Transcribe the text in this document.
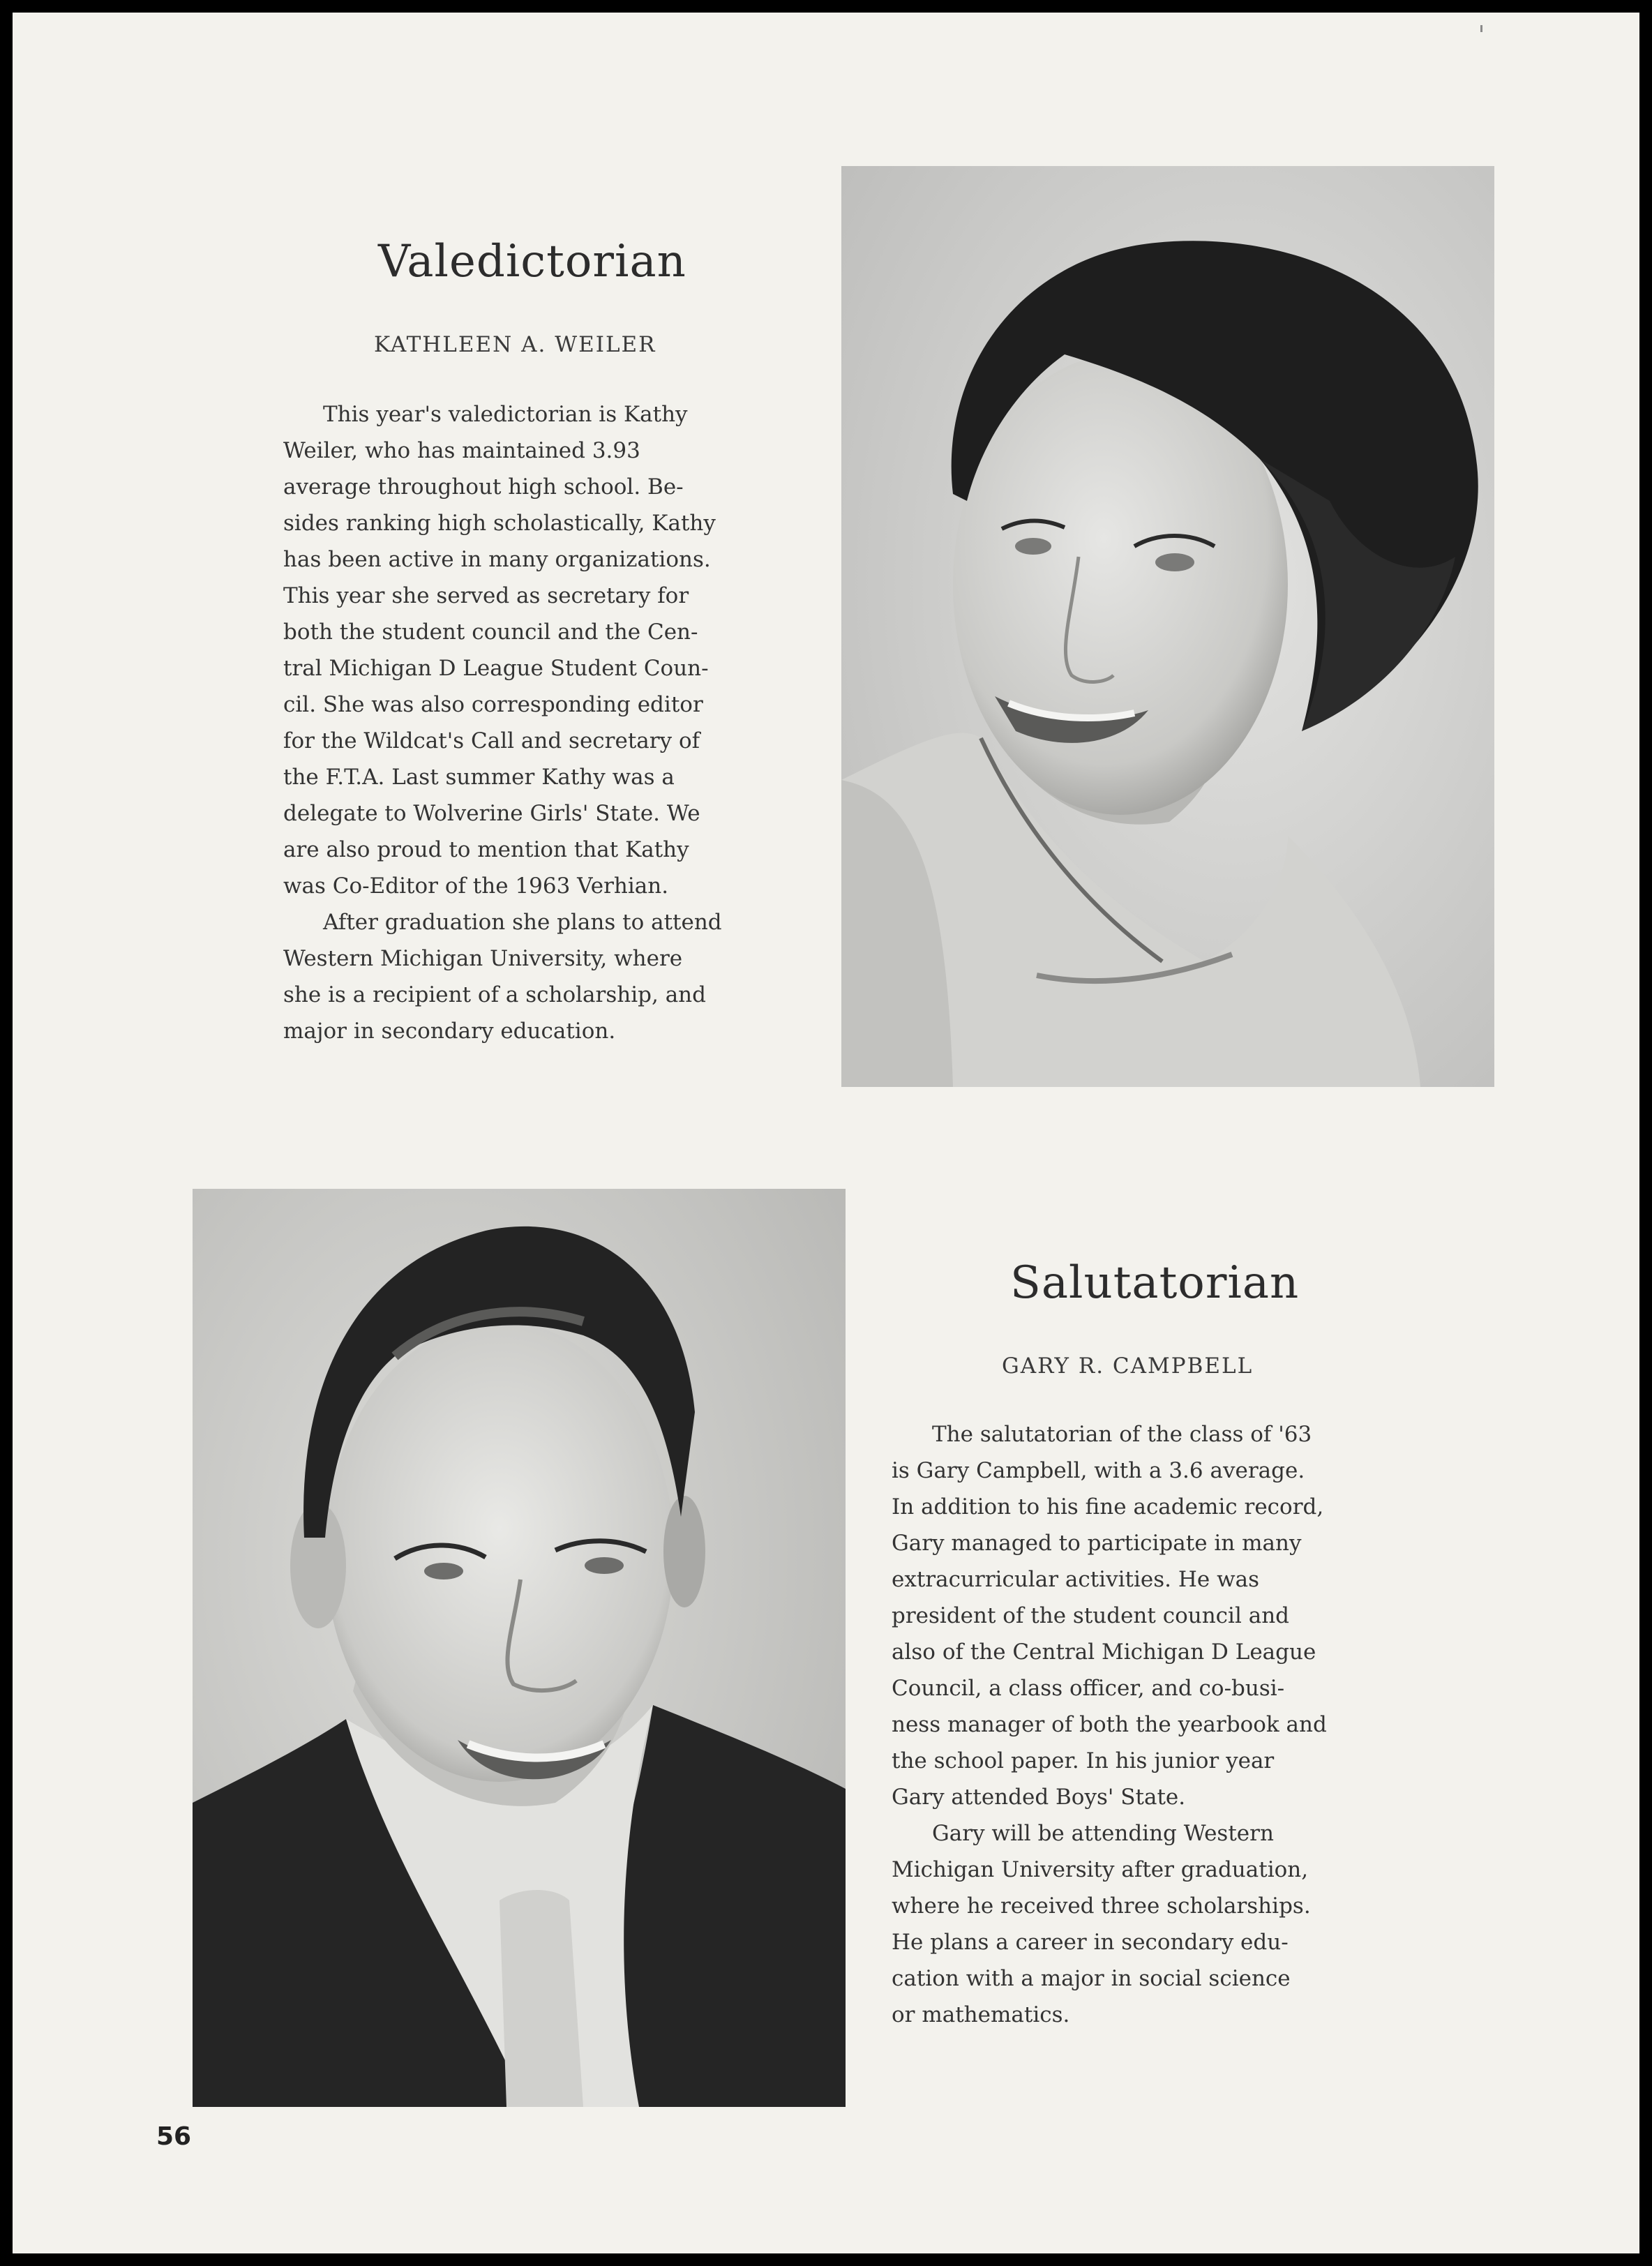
Valedictorian
KATHLEEN A. WEILER
This year's valedictorian is Kathy
Weiler, who has maintained 3.93
average throughout high school. Be-
sides ranking high scholastically, Kathy
has been active in many organizations.
This year she served as secretary for
both the student council and the Cen-
tral Michigan D League Student Coun-
cil. She was also corresponding editor
for the Wildcat's Call and secretary of
the F.T.A. Last summer Kathy was a
delegate to Wolverine Girls' State. We
are also proud to mention that Kathy
was Co-Editor of the 1963 Verhian.
After graduation she plans to attend
Western Michigan University, where
she is a recipient of a scholarship, and
major in secondary education.
Salutatorian
GARY R. CAMPBELL
The salutatorian of the class of '63
is Gary Campbell, with a 3.6 average.
In addition to his fine academic record,
Gary managed to participate in many
extracurricular activities. He was
president of the student council and
also of the Central Michigan D League
Council, a class officer, and co-busi-
ness manager of both the yearbook and
the school paper. In his junior year
Gary attended Boys' State.
Gary will be attending Western
Michigan University after graduation,
where he received three scholarships.
He plans a career in secondary edu-
cation with a major in social science
or mathematics.
56
